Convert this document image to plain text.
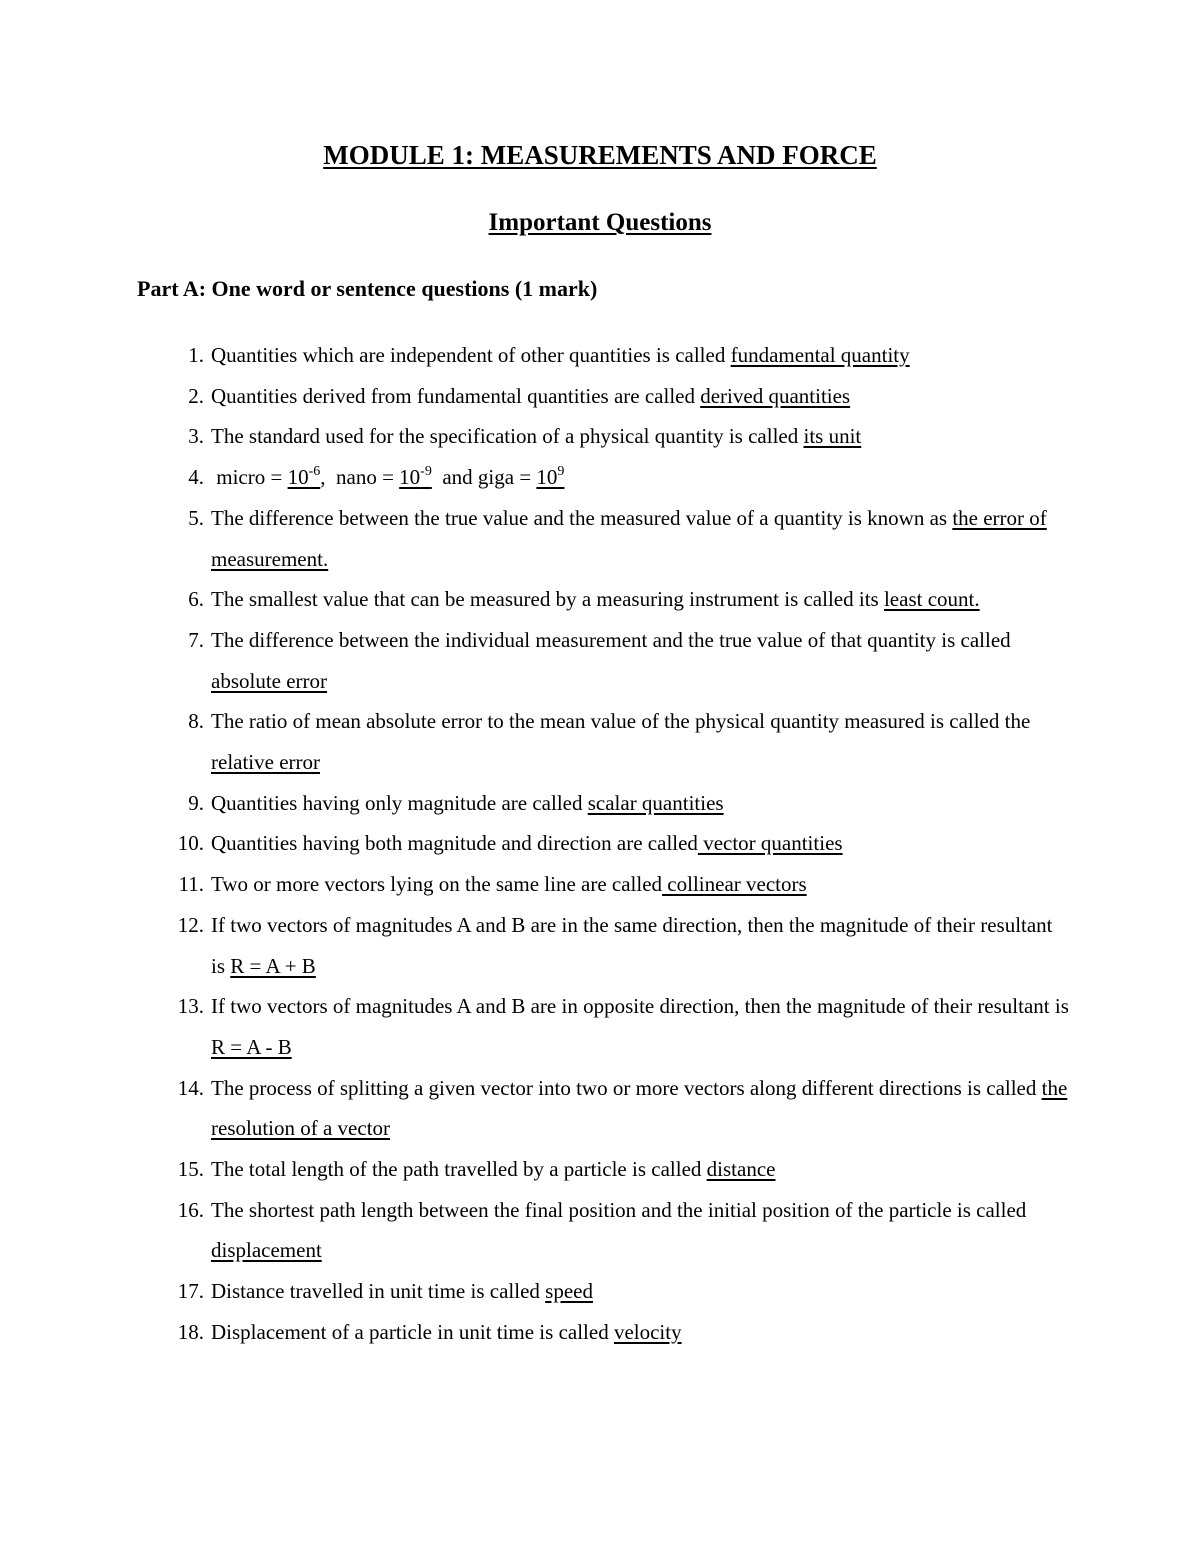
MODULE 1: MEASUREMENTS AND FORCE
Important Questions
Part A: One word or sentence questions (1 mark)
1. Quantities which are independent of other quantities is called fundamental quantity
2. Quantities derived from fundamental quantities are called derived quantities
3. The standard used for the specification of a physical quantity is called its unit
4. micro = $10^{-6}$,  nano = $10^{-9}$  and giga = $10^9$
5. The difference between the true value and the measured value of a quantity is known as the error of measurement.
6. The smallest value that can be measured by a measuring instrument is called its least count.
7. The difference between the individual measurement and the true value of that quantity is called absolute error
8. The ratio of mean absolute error to the mean value of the physical quantity measured is called the relative error
9. Quantities having only magnitude are called scalar quantities
10. Quantities having both magnitude and direction are called vector quantities
11. Two or more vectors lying on the same line are called collinear vectors
12. If two vectors of magnitudes A and B are in the same direction, then the magnitude of their resultant is R = A + B
13. If two vectors of magnitudes A and B are in opposite direction, then the magnitude of their resultant is R = A - B
14. The process of splitting a given vector into two or more vectors along different directions is called the resolution of a vector
15. The total length of the path travelled by a particle is called distance
16. The shortest path length between the final position and the initial position of the particle is called displacement
17. Distance travelled in unit time is called speed
18. Displacement of a particle in unit time is called velocity
